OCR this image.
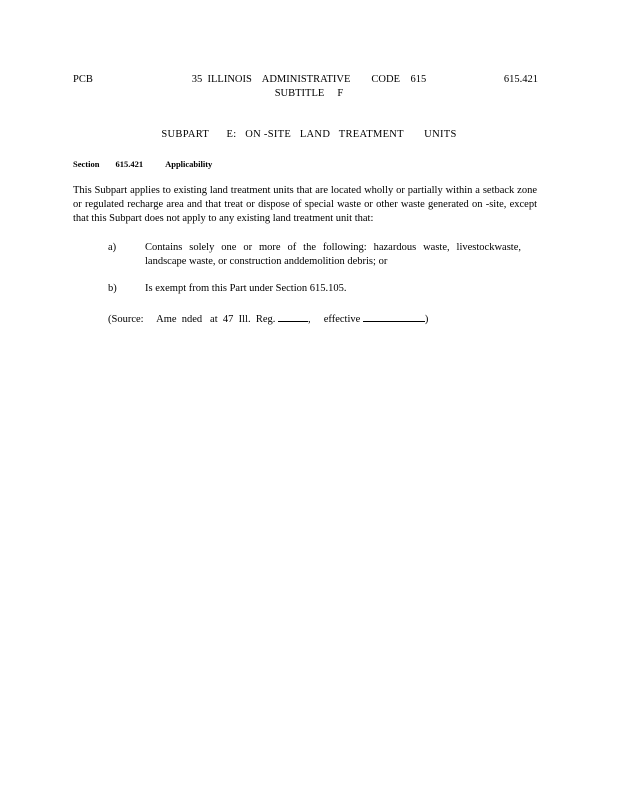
PCB	35  ILLINOIS    ADMINISTRATIVE        CODE    615
SUBTITLE     F
615.421
SUBPART      E:   ON -SITE   LAND   TREATMENT       UNITS
Section 615.421	Applicability
This Subpart applies to existing land treatment units that are located wholly or partially within a setback zone or regulated recharge area and that treat or dispose of special waste or other waste generated on -site, except that this Subpart does not apply to any existing land treatment unit that:
a)	Contains solely one or more of the following: hazardous waste, livestockwaste, landscape waste, or construction anddemolition debris; or
b)	Is exempt from this Part under Section 615.105.
(Source:     Ame  nded   at  47  Ill.  Reg.	,     effective	)
